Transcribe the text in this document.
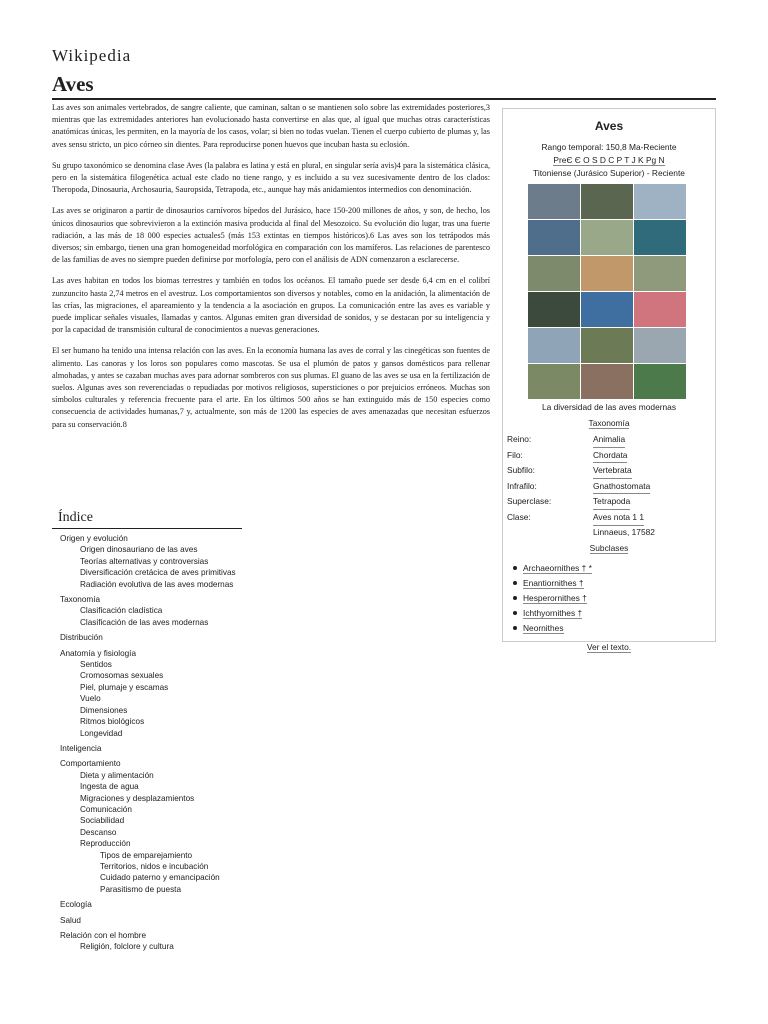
Wikipedia
Aves

Las aves son animales vertebrados, de sangre caliente, que caminan, saltan o se mantienen solo sobre las extremidades posteriores,3 mientras que las extremidades anteriores han evolucionado hasta convertirse en alas que, al igual que muchas otras características anatómicas únicas, les permiten, en la mayoría de los casos, volar; si bien no todas vuelan. Tienen el cuerpo cubierto de plumas y, las aves sensu stricto, un pico córneo sin dientes. Para reproducirse ponen huevos que incuban hasta su eclosión.

Su grupo taxonómico se denomina clase Aves (la palabra es latina y está en plural, en singular sería avis)4 para la sistemática clásica, pero en la sistemática filogenética actual este clado no tiene rango, y es incluido a su vez sucesivamente dentro de los clados: Theropoda, Dinosauria, Archosauria, Sauropsida, Tetrapoda, etc., aunque hay más anidamientos intermedios con denominación.

Las aves se originaron a partir de dinosaurios carnívoros bípedos del Jurásico, hace 150-200 millones de años, y son, de hecho, los únicos dinosaurios que sobrevivieron a la extinción masiva producida al final del Mesozoico. Su evolución dio lugar, tras una fuerte radiación, a las más de 18 000 especies actuales5 (más 153 extintas en tiempos históricos).6 Las aves son los tetrápodos más diversos; sin embargo, tienen una gran homogeneidad morfológica en comparación con los mamíferos. Las relaciones de parentesco de las familias de aves no siempre pueden definirse por morfología, pero con el análisis de ADN comenzaron a esclarecerse.

Las aves habitan en todos los biomas terrestres y también en todos los océanos. El tamaño puede ser desde 6,4 cm en el colibrí zunzuncito hasta 2,74 metros en el avestruz. Los comportamientos son diversos y notables, como en la anidación, la alimentación de las crías, las migraciones, el apareamiento y la tendencia a la asociación en grupos. La comunicación entre las aves es variable y puede implicar señales visuales, llamadas y cantos. Algunas emiten gran diversidad de sonidos, y se destacan por su inteligencia y por la capacidad de transmisión cultural de conocimientos a nuevas generaciones.

El ser humano ha tenido una intensa relación con las aves. En la economía humana las aves de corral y las cinegéticas son fuentes de alimento. Las canoras y los loros son populares como mascotas. Se usa el plumón de patos y gansos domésticos para rellenar almohadas, y antes se cazaban muchas aves para adornar sombreros con sus plumas. El guano de las aves se usa en la fertilización de suelos. Algunas aves son reverenciadas o repudiadas por motivos religiosos, supersticiones o por prejuicios erróneos. Muchas son símbolos culturales y referencia frecuente para el arte. En los últimos 500 años se han extinguido más de 150 especies como consecuencia de actividades humanas,7 y, actualmente, son más de 1200 las especies de aves amenazadas que necesitan esfuerzos para su conservación.8

Índice
Origen y evolución
Origen dinosauriano de las aves
Teorías alternativas y controversias
Diversificación cretácica de aves primitivas
Radiación evolutiva de las aves modernas
Taxonomía
Clasificación cladística
Clasificación de las aves modernas
Distribución
Anatomía y fisiología
Sentidos
Cromosomas sexuales
Piel, plumaje y escamas
Vuelo
Dimensiones
Ritmos biológicos
Longevidad
Inteligencia
Comportamiento
Dieta y alimentación
Ingesta de agua
Migraciones y desplazamientos
Comunicación
Sociabilidad
Descanso
Reproducción
Tipos de emparejamiento
Territorios, nidos e incubación
Cuidado paterno y emancipación
Parasitismo de puesta
Ecología
Salud
Relación con el hombre
Religión, folclore y cultura
Aves
Rango temporal: 150,8 Ma-Reciente
PreЄ Є O S D C P T J K Pg N
Titoniense (Jurásico Superior) - Reciente
La diversidad de las aves modernas
Taxonomía
Reino:	Animalia
Filo:	Chordata
Subfilo:	Vertebrata
Infrafilo:	Gnathostomata
Superclase:	Tetrapoda
Clase:	Aves nota 1 1
Linnaeus, 17582
Subclases
Archaeornithes † *
Enantiornithes †
Hesperornithes †
Ichthyornithes †
Neornithes
Ver el texto.
